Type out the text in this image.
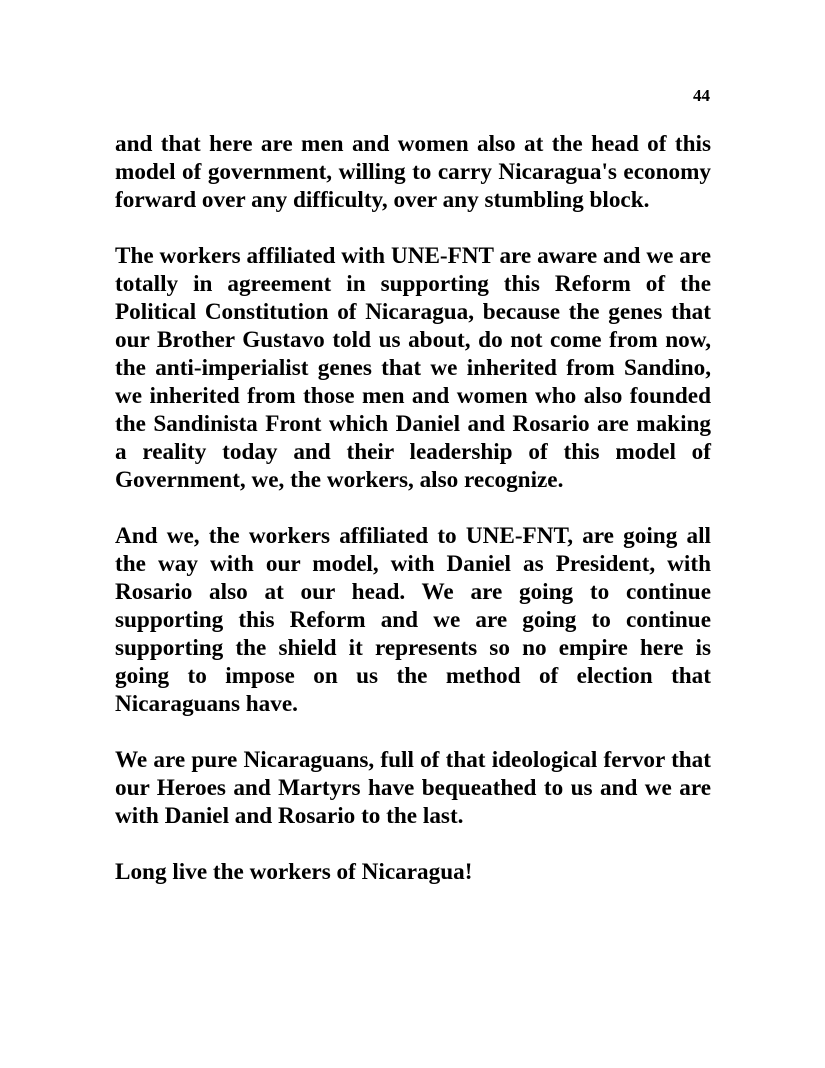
44

and that here are men and women also at the head of this model of government, willing to carry Nicaragua's economy forward over any difficulty, over any stumbling block.

The workers affiliated with UNE-FNT are aware and we are totally in agreement in supporting this Reform of the Political Constitution of Nicaragua, because the genes that our Brother Gustavo told us about, do not come from now, the anti-imperialist genes that we inherited from Sandino, we inherited from those men and women who also founded the Sandinista Front which Daniel and Rosario are making a reality today and their leadership of this model of Government, we, the workers, also recognize.

And we, the workers affiliated to UNE-FNT, are going all the way with our model, with Daniel as President, with Rosario also at our head. We are going to continue supporting this Reform and we are going to continue supporting the shield it represents so no empire here is going to impose on us the method of election that Nicaraguans have.

We are pure Nicaraguans, full of that ideological fervor that our Heroes and Martyrs have bequeathed to us and we are with Daniel and Rosario to the last.

Long live the workers of Nicaragua!
